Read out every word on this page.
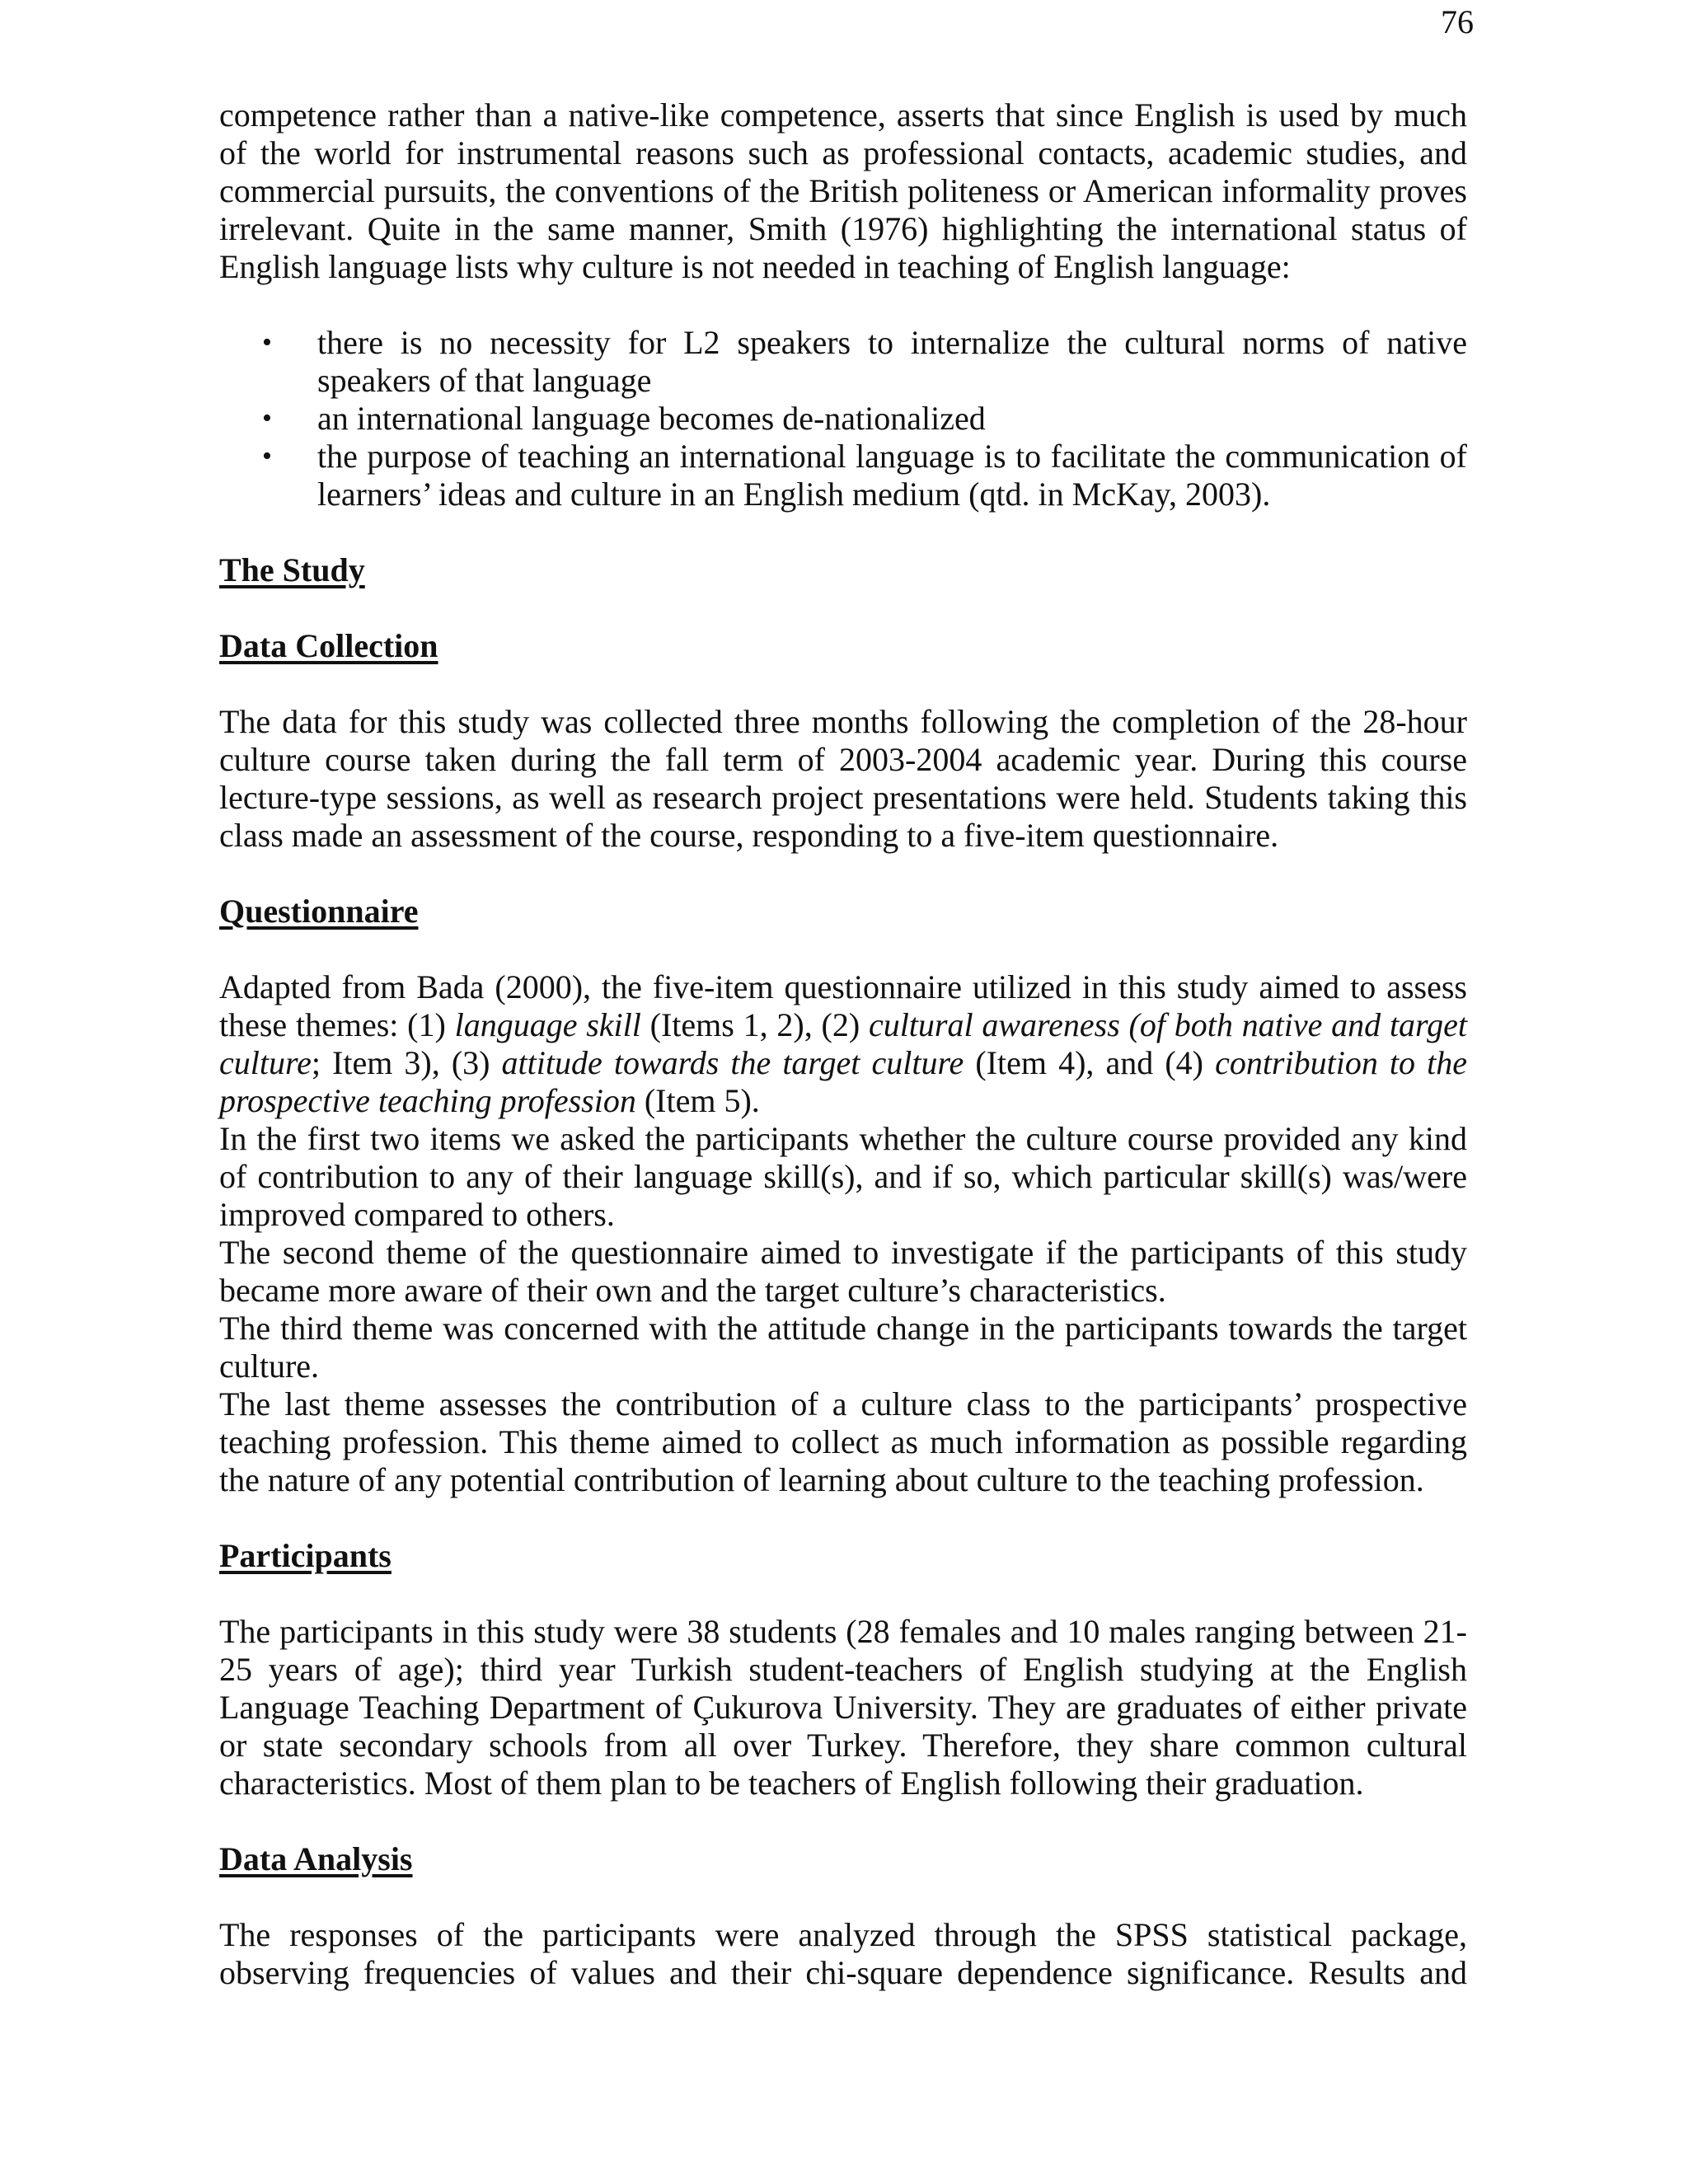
76

competence rather than a native-like competence, asserts that since English is used by much of the world for instrumental reasons such as professional contacts, academic studies, and commercial pursuits, the conventions of the British politeness or American informality proves irrelevant. Quite in the same manner, Smith (1976) highlighting the international status of English language lists why culture is not needed in teaching of English language:

• there is no necessity for L2 speakers to internalize the cultural norms of native speakers of that language
• an international language becomes de-nationalized
• the purpose of teaching an international language is to facilitate the communication of learners’ ideas and culture in an English medium (qtd. in McKay, 2003).
The Study
Data Collection

The data for this study was collected three months following the completion of the 28-hour culture course taken during the fall term of 2003-2004 academic year. During this course lecture-type sessions, as well as research project presentations were held. Students taking this class made an assessment of the course, responding to a five-item questionnaire.

Questionnaire

Adapted from Bada (2000), the five-item questionnaire utilized in this study aimed to assess these themes: (1) language skill (Items 1, 2), (2) cultural awareness (of both native and target culture; Item 3), (3) attitude towards the target culture (Item 4), and (4) contribution to the prospective teaching profession (Item 5).

In the first two items we asked the participants whether the culture course provided any kind of contribution to any of their language skill(s), and if so, which particular skill(s) was/were improved compared to others.

The second theme of the questionnaire aimed to investigate if the participants of this study became more aware of their own and the target culture’s characteristics.

The third theme was concerned with the attitude change in the participants towards the target culture.

The last theme assesses the contribution of a culture class to the participants’ prospective teaching profession. This theme aimed to collect as much information as possible regarding the nature of any potential contribution of learning about culture to the teaching profession.

Participants

The participants in this study were 38 students (28 females and 10 males ranging between 21-25 years of age); third year Turkish student-teachers of English studying at the English Language Teaching Department of Çukurova University. They are graduates of either private or state secondary schools from all over Turkey. Therefore, they share common cultural characteristics. Most of them plan to be teachers of English following their graduation.

Data Analysis

The responses of the participants were analyzed through the SPSS statistical package, observing frequencies of values and their chi-square dependence significance. Results and
